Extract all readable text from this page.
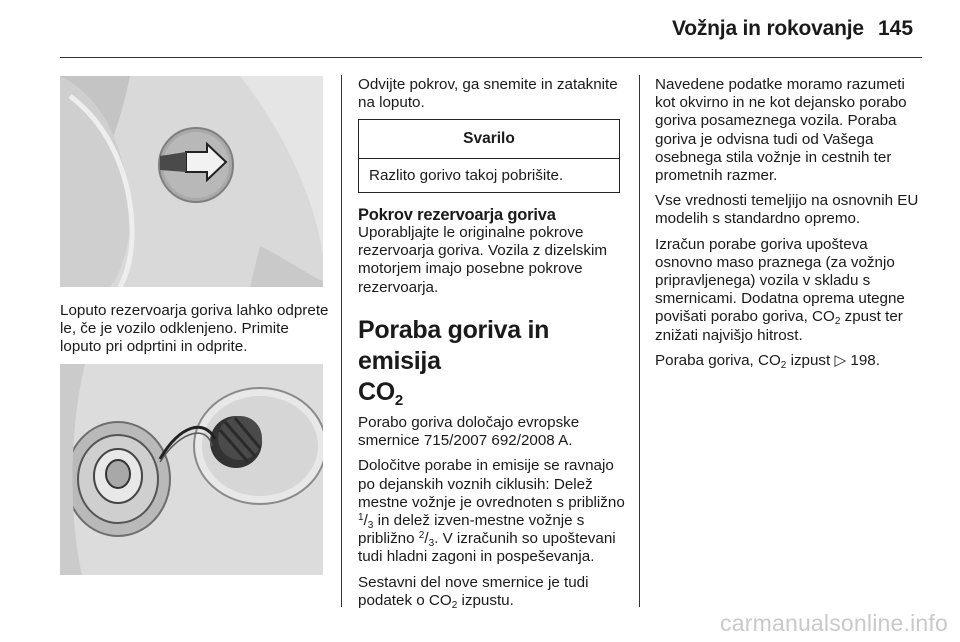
Vožnja in rokovanje 145

Loputo rezervoarja goriva lahko odprete le, če je vozilo odklenjeno. Primite loputo pri odprtini in odprite.

Odvijte pokrov, ga snemite in zataknite na loputo.

Svarilo
Razlito gorivo takoj pobrišite.
Pokrov rezervoarja goriva

Uporabljajte le originalne pokrove rezervoarja goriva. Vozila z dizelskim motorjem imajo posebne pokrove rezervoarja.

Poraba goriva in emisija
$CO_2$

Porabo goriva določajo evropske smernice 715/2007 692/2008 A.

Določitve porabe in emisije se ravnajo po dejanskih voznih ciklusih: Delež mestne vožnje je ovrednoten s približno $^1/_3$ in delež izven-mestne vožnje s približno $^2/_3$. V izračunih so upoštevani tudi hladni zagoni in pospeševanja.

Sestavni del nove smernice je tudi podatek o $CO_2$ izpustu.

Navedene podatke moramo razumeti kot okvirno in ne kot dejansko porabo goriva posameznega vozila. Poraba goriva je odvisna tudi od Vašega osebnega stila vožnje in cestnih ter prometnih razmer.

Vse vrednosti temeljijo na osnovnih EU modelih s standardno opremo.

Izračun porabe goriva upošteva osnovno maso praznega (za vožnjo pripravljenega) vozila v skladu s smernicami. Dodatna oprema utegne povišati porabo goriva, $CO_2$ zpust ter znižati najvišjo hitrost.

Poraba goriva, $CO_2$ izpust ▷ 198.

carmanualsonline.info
